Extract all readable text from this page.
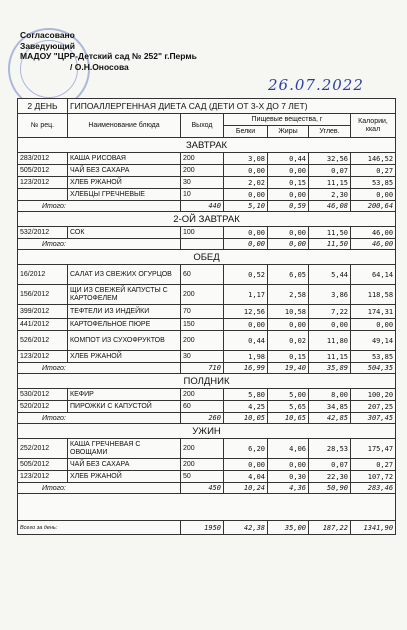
Согласовано
Заведующий
МАДОУ "ЦРР-Детский сад № 252" г.Пермь
/ О.Н.Оносова
26.07.2022
2 ДЕНЬ	ГИПОАЛЛЕРГЕННАЯ ДИЕТА САД (ДЕТИ ОТ 3-Х ДО 7 ЛЕТ)					
№ рец.	Наименование блюда	Выход	Пищевые вещества, г			Калории, ккал
			Белки	Жиры	Углев.	
ЗАВТРАК						
283/2012	КАША РИСОВАЯ	200	3,08	0,44	32,56	146,52
505/2012	ЧАЙ БЕЗ САХАРА	200	0,00	0,00	0,07	0,27
123/2012	ХЛЕБ РЖАНОЙ	30	2,02	0,15	11,15	53,85
	ХЛЕБЦЫ ГРЕЧНЕВЫЕ	10	0,00	0,00	2,30	0,00
Итого:		440	5,10	0,59	46,08	200,64
2-ОЙ ЗАВТРАК						
532/2012	СОК	100	0,00	0,00	11,50	46,00
Итого:			0,00	0,00	11,50	46,00
ОБЕД						
16/2012	САЛАТ ИЗ СВЕЖИХ ОГУРЦОВ	60	0,52	6,05	5,44	64,14
156/2012	ЩИ ИЗ СВЕЖЕЙ КАПУСТЫ С КАРТОФЕЛЕМ	200	1,17	2,58	3,86	118,58
399/2012	ТЕФТЕЛИ ИЗ ИНДЕЙКИ	70	12,56	10,58	7,22	174,31
441/2012	КАРТОФЕЛЬНОЕ ПЮРЕ	150	0,00	0,00	0,00	0,00
526/2012	КОМПОТ ИЗ СУХОФРУКТОВ	200	0,44	0,02	11,80	49,14
123/2012	ХЛЕБ РЖАНОЙ	30	1,98	0,15	11,15	53,85
Итого:		710	16,99	19,40	35,89	504,35
ПОЛДНИК						
530/2012	КЕФИР	200	5,80	5,00	8,00	100,20
520/2012	ПИРОЖКИ С КАПУСТОЙ	60	4,25	5,65	34,85	207,25
Итого:		260	10,05	10,65	42,85	307,45
УЖИН						
252/2012	КАША ГРЕЧНЕВАЯ С ОВОЩАМИ	200	6,20	4,06	28,53	175,47
505/2012	ЧАЙ БЕЗ САХАРА	200	0,00	0,00	0,07	0,27
123/2012	ХЛЕБ РЖАНОЙ	50	4,04	0,30	22,30	107,72
Итого:		450	10,24	4,36	50,90	283,46

Всего за день:		1950	42,38	35,00	187,22	1341,90
